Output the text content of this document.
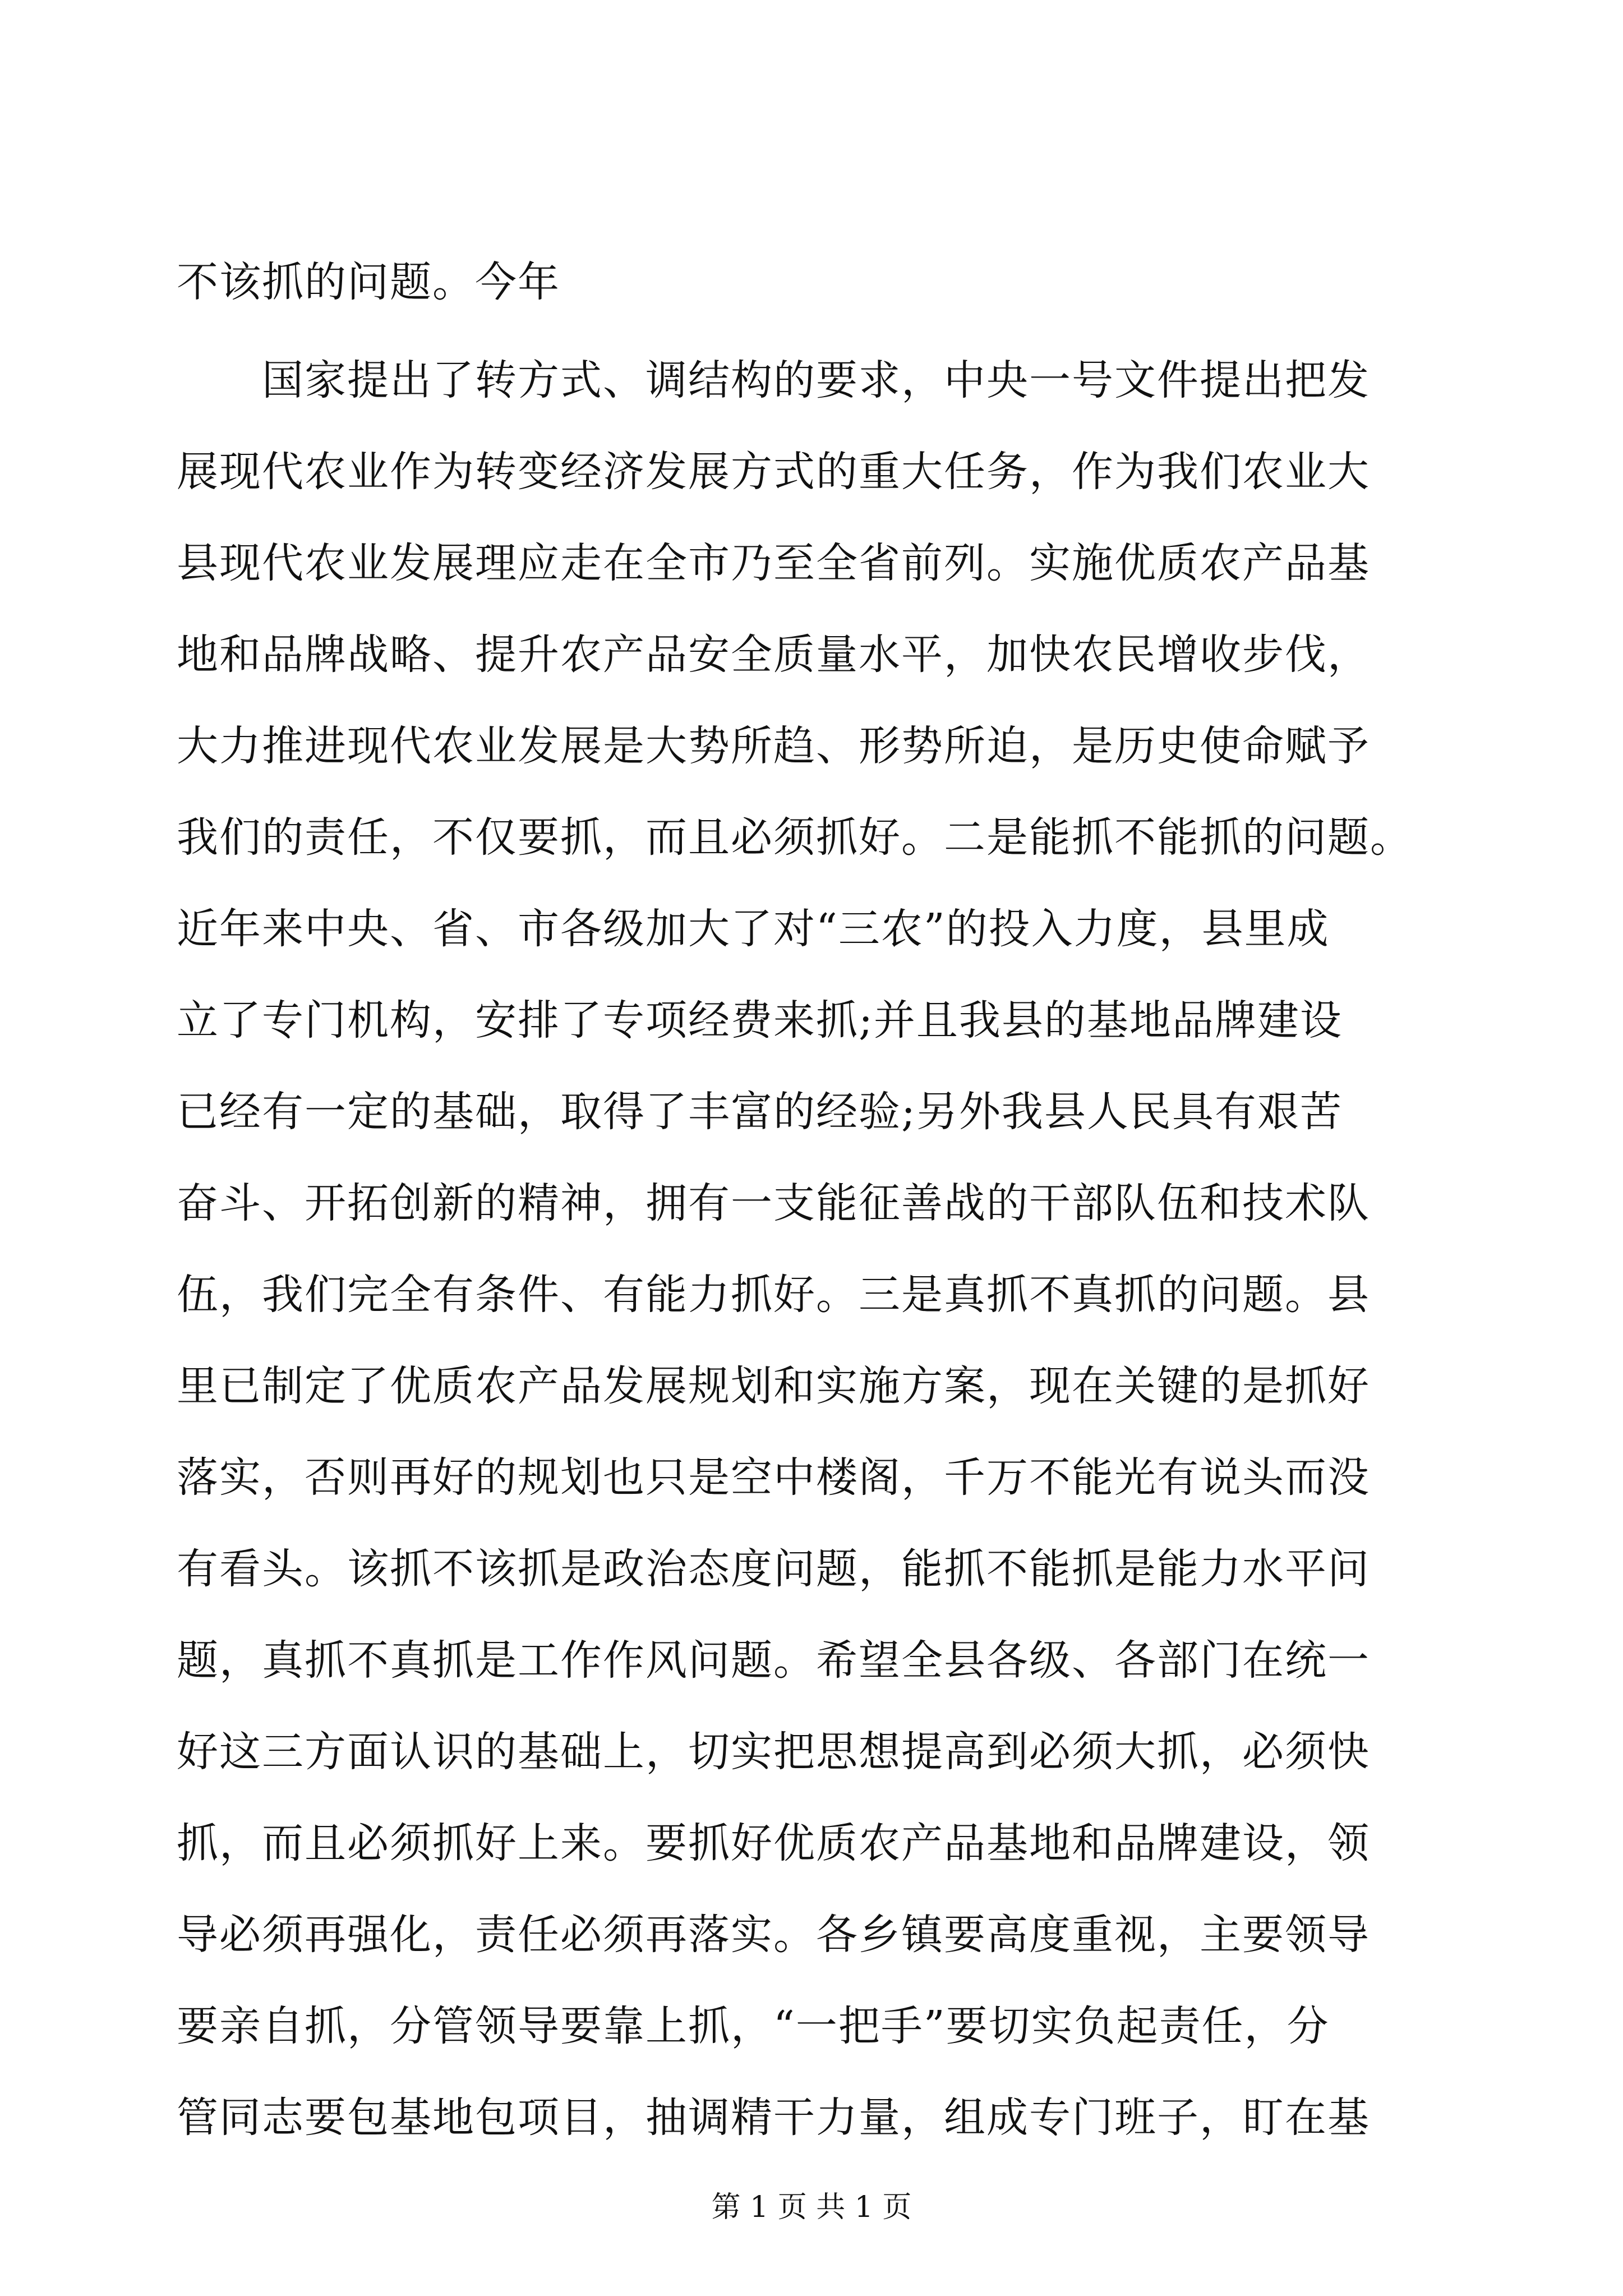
不该抓的问题。今年
　　国家提出了转方式、调结构的要求，中央一号文件提出把发
展现代农业作为转变经济发展方式的重大任务，作为我们农业大
县现代农业发展理应走在全市乃至全省前列。实施优质农产品基
地和品牌战略、提升农产品安全质量水平，加快农民增收步伐，
大力推进现代农业发展是大势所趋、形势所迫，是历史使命赋予
我们的责任，不仅要抓，而且必须抓好。二是能抓不能抓的问题。
近年来中央、省、市各级加大了对“三农”的投入力度，县里成
立了专门机构，安排了专项经费来抓;并且我县的基地品牌建设
已经有一定的基础，取得了丰富的经验;另外我县人民具有艰苦
奋斗、开拓创新的精神，拥有一支能征善战的干部队伍和技术队
伍，我们完全有条件、有能力抓好。三是真抓不真抓的问题。县
里已制定了优质农产品发展规划和实施方案，现在关键的是抓好
落实，否则再好的规划也只是空中楼阁，千万不能光有说头而没
有看头。该抓不该抓是政治态度问题，能抓不能抓是能力水平问
题，真抓不真抓是工作作风问题。希望全县各级、各部门在统一
好这三方面认识的基础上，切实把思想提高到必须大抓，必须快
抓，而且必须抓好上来。要抓好优质农产品基地和品牌建设，领
导必须再强化，责任必须再落实。各乡镇要高度重视，主要领导
要亲自抓，分管领导要靠上抓，“一把手”要切实负起责任，分
管同志要包基地包项目，抽调精干力量，组成专门班子，盯在基
第 1 页 共 1 页
